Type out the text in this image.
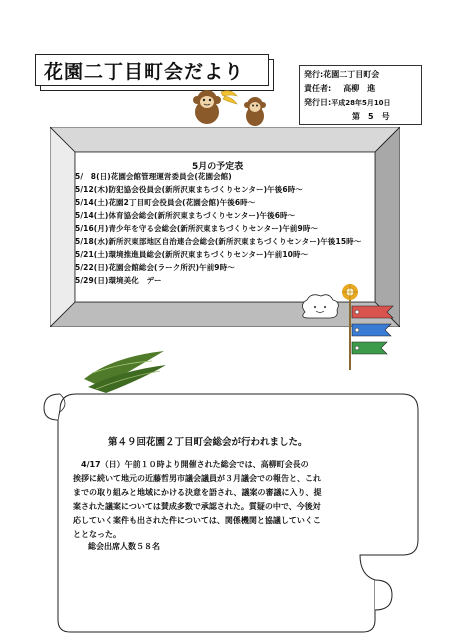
花園二丁目町会だより	発行:花園二丁目町会
責任者: 高柳　進
発行日:平成28年5月10日
第　5　号
5月の予定表
5/　8(日)花園会館管理運営委員会(花園会館)
5/12(木)防犯協会役員会(新所沢東まちづくりセンター)午後6時～
5/14(土)花園2丁目町会役員会(花園会館)午後6時～
5/14(土)体育協会総会(新所沢東まちづくりセンター)午後6時～
5/16(月)青少年を守る会総会(新所沢東まちづくりセンター)午前9時～
5/18(水)新所沢東部地区自治連合会総会(新所沢東まちづくりセンター)午後15時～
5/21(土)環境推進員総会(新所沢東まちづくりセンター)午前10時～
5/22(日)花園会館総会(ラーク所沢)午前9時～
5/29(日)環境美化　デー
第４９回花園２丁目町会総会が行われました。
　4/17（日）午前１０時より開催された総会では、高柳町会長の
挨拶に続いて地元の近藤哲男市議会議員が３月議会での報告と、これ
までの取り組みと地域にかける決意を語され、議案の審議に入り、提
案された議案については賛成多数で承認された。質疑の中で、今後対
応していく案件も出された件については、関係機関と協議していくこ
ととなった。
総会出席人数５８名
